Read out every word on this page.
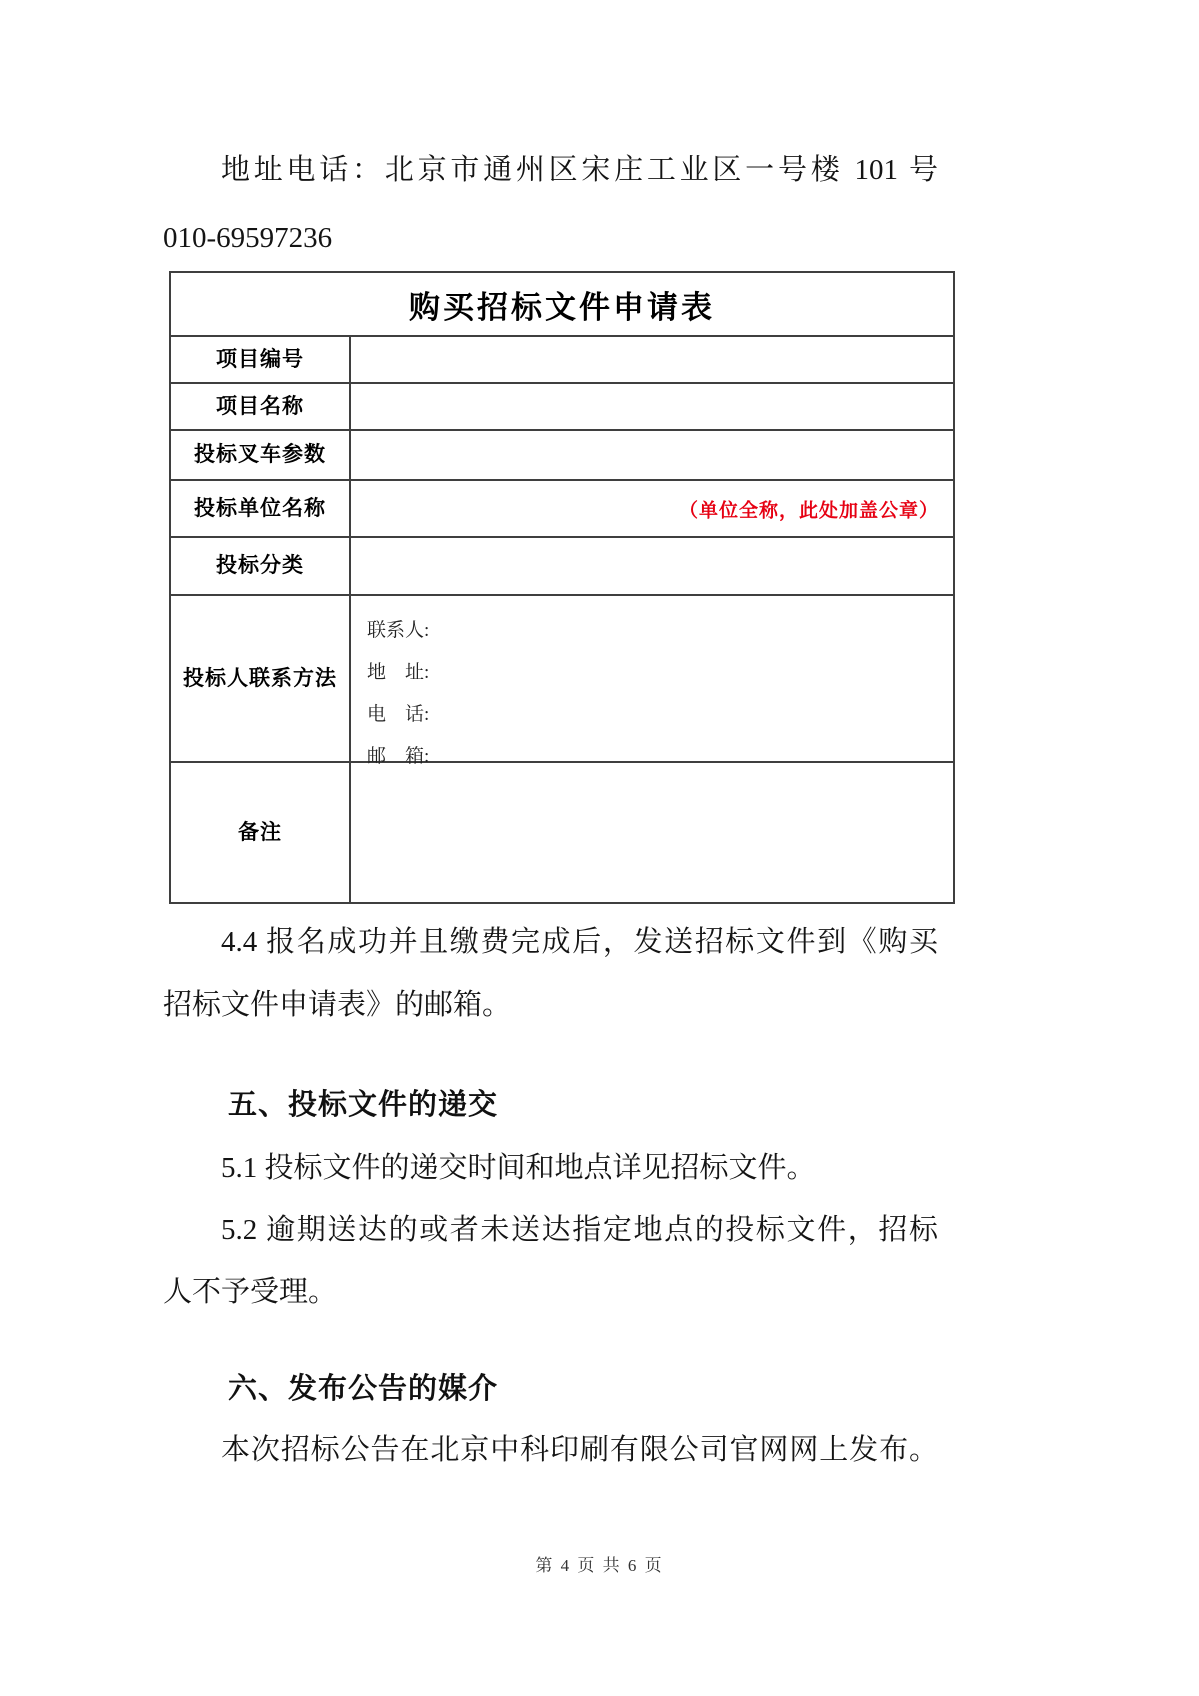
地址电话：北京市通州区宋庄工业区一号楼 101 号
010-69597236
购买招标文件申请表
项目编号
项目名称
投标叉车参数
投标单位名称	（单位全称，此处加盖公章）
投标分类
投标人联系方法
联系人:
地　址:
电　话:
邮　箱:
备注
4.4 报名成功并且缴费完成后，发送招标文件到《购买
招标文件申请表》的邮箱。
五、投标文件的递交
5.1 投标文件的递交时间和地点详见招标文件。
5.2 逾期送达的或者未送达指定地点的投标文件，招标
人不予受理。
六、发布公告的媒介
本次招标公告在北京中科印刷有限公司官网网上发布。
第 4 页 共 6 页
